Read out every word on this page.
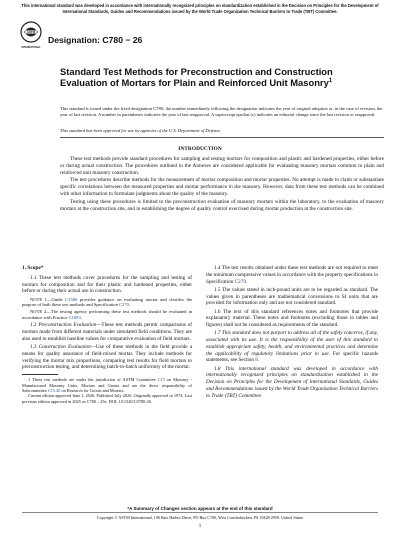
This international standard was developed in accordance with internationally recognized principles on standardization established in the Decision on Principles for the Development of International Standards, Guides and Recommendations issued by the World Trade Organization Technical Barriers to Trade (TBT) Committee.
ASTM
INTERNATIONAL
Designation: C780 − 26
Standard Test Methods for Preconstruction and Construction Evaluation of Mortars for Plain and Reinforced Unit Masonry$^1$
This standard is issued under the fixed designation C780; the number immediately following the designation indicates the year of original adoption or, in the case of revision, the year of last revision. A number in parentheses indicates the year of last reapproval. A superscript epsilon (ε) indicates an editorial change since the last revision or reapproval.
This standard has been approved for use by agencies of the U.S. Department of Defense.
INTRODUCTION

These test methods provide standard procedures for sampling and testing mortars for composition and plastic and hardened properties, either before or during actual construction. The procedures outlined in the Annexes are considered applicable for evaluating masonry mortars common to plain and reinforced unit masonry construction.

The test procedures describe methods for the measurement of mortar composition and mortar properties. No attempt is made to claim or substantiate specific correlations between the measured properties and mortar performance in the masonry. However, data from these test methods can be combined with other information to formulate judgments about the quality of the masonry.

Testing using these procedures is limited to the preconstruction evaluation of masonry mortars within the laboratory, to the evaluation of masonry mortars at the construction site, and in establishing the degree of quality control exercised during mortar production at the construction site.

1. Scope*

1.1 These test methods cover procedures for the sampling and testing of mortars for composition and for their plastic and hardened properties, either before or during their actual use in construction.

NOTE 1—Guide C1586 provides guidance on evaluating mortar and clarifies the purpose of both these test methods and Specification C270.

NOTE 2—The testing agency performing these test methods should be evaluated in accordance with Practice C1093.

1.2 Preconstruction Evaluation—These test methods permit comparisons of mortars made from different materials under simulated field conditions. They are also used to establish baseline values for comparative evaluation of field mortars.

1.3 Construction Evaluation—Use of these methods in the field provide a means for quality assurance of field-mixed mortar. They include methods for verifying the mortar mix proportions, comparing test results for field mortars to preconstruction testing, and determining batch-to-batch uniformity of the mortar.

1 These test methods are under the jurisdiction of ASTM Committee C15 on Masonry - Manufactured Masonry Units, Mortars and Grouts and are the direct responsibility of Subcommittee C15.20 on Research for Grouts and Mortars.

Current edition approved June 1, 2026. Published July 2026. Originally approved in 1974. Last previous edition approved in 2025 as C780 – 25e. DOI: 10.1520/C0780-26.

1.4 The test results obtained under these test methods are not required to meet the minimum compressive values in accordance with the property specifications in Specification C270.

1.5 The values stated in inch-pound units are to be regarded as standard. The values given in parentheses are mathematical conversions to SI units that are provided for information only and are not considered standard.

1.6 The text of this standard references notes and footnotes that provide explanatory material. These notes and footnotes (excluding those in tables and figures) shall not be considered as requirements of the standard.

1.7 This standard does not purport to address all of the safety concerns, if any, associated with its use. It is the responsibility of the user of this standard to establish appropriate safety, health, and environmental practices and determine the applicability of regulatory limitations prior to use. For specific hazards statements, see Section 8.

1.8 This international standard was developed in accordance with internationally recognized principles on standardization established in the Decision on Principles for the Development of International Standards, Guides and Recommendations issued by the World Trade Organization Technical Barriers to Trade (TBT) Committee.

*A Summary of Changes section appears at the end of this standard
Copyright © ASTM International, 100 Barr Harbor Drive, PO Box C700, West Conshohocken, PA 19428-2959. United States
1
